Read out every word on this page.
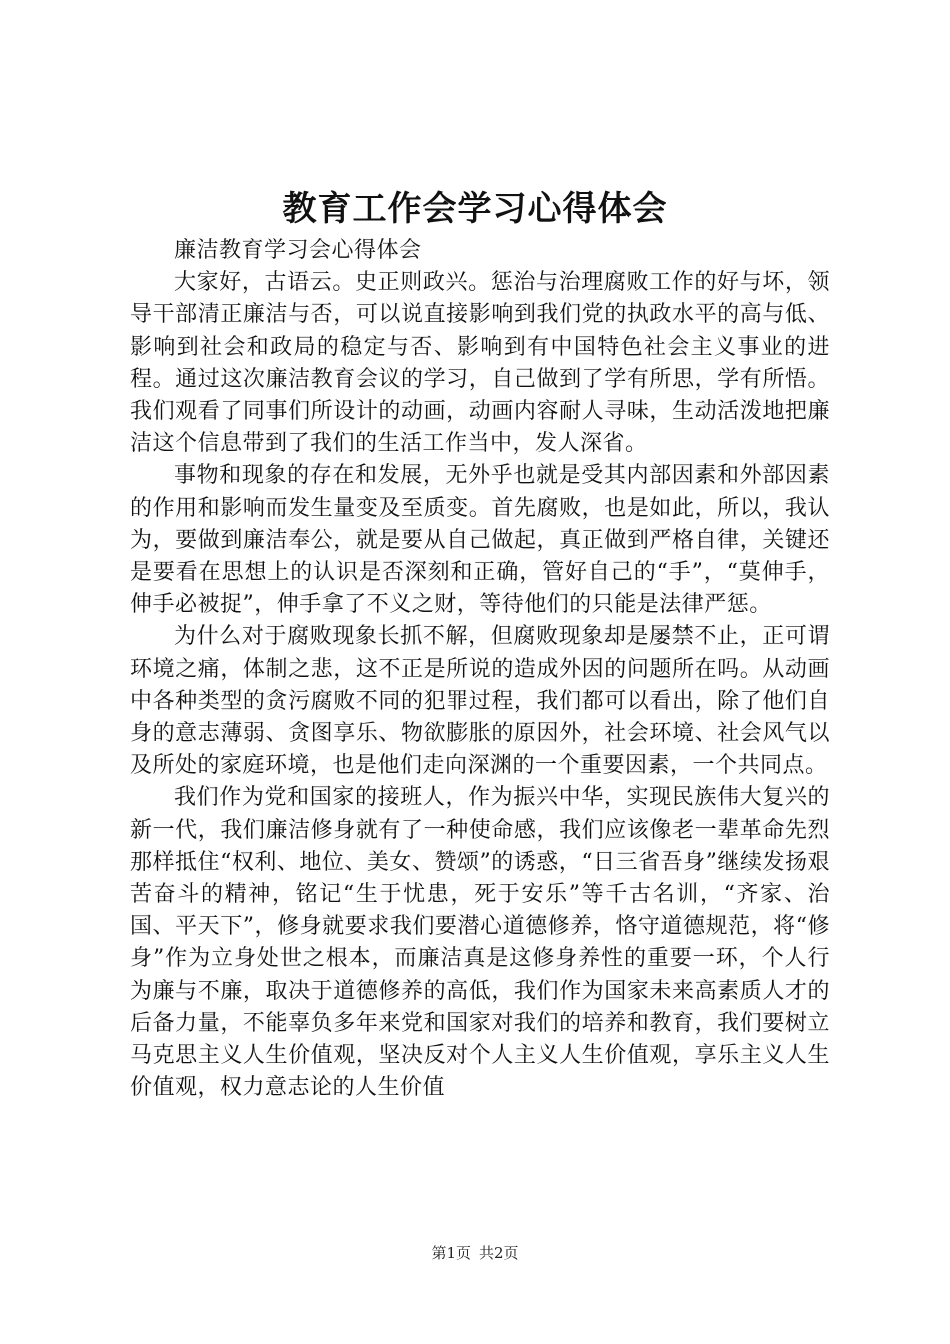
教育工作会学习心得体会

廉洁教育学习会心得体会

大家好，古语云。史正则政兴。惩治与治理腐败工作的好与坏，领导干部清正廉洁与否，可以说直接影响到我们党的执政水平的高与低、影响到社会和政局的稳定与否、影响到有中国特色社会主义事业的进程。通过这次廉洁教育会议的学习，自己做到了学有所思，学有所悟。我们观看了同事们所设计的动画，动画内容耐人寻味，生动活泼地把廉洁这个信息带到了我们的生活工作当中，发人深省。

事物和现象的存在和发展，无外乎也就是受其内部因素和外部因素的作用和影响而发生量变及至质变。首先腐败，也是如此，所以，我认为，要做到廉洁奉公，就是要从自己做起，真正做到严格自律，关键还是要看在思想上的认识是否深刻和正确，管好自己的“手”，“莫伸手，伸手必被捉”，伸手拿了不义之财，等待他们的只能是法律严惩。

为什么对于腐败现象长抓不解，但腐败现象却是屡禁不止，正可谓环境之痛，体制之悲，这不正是所说的造成外因的问题所在吗。从动画中各种类型的贪污腐败不同的犯罪过程，我们都可以看出，除了他们自身的意志薄弱、贪图享乐、物欲膨胀的原因外，社会环境、社会风气以及所处的家庭环境，也是他们走向深渊的一个重要因素，一个共同点。

我们作为党和国家的接班人，作为振兴中华，实现民族伟大复兴的新一代，我们廉洁修身就有了一种使命感，我们应该像老一辈革命先烈那样抵住“权利、地位、美女、赞颂”的诱惑，“日三省吾身”继续发扬艰苦奋斗的精神，铭记“生于忧患，死于安乐”等千古名训，“齐家、治国、平天下”，修身就要求我们要潜心道德修养，恪守道德规范，将“修身”作为立身处世之根本，而廉洁真是这修身养性的重要一环，个人行为廉与不廉，取决于道德修养的高低，我们作为国家未来高素质人才的后备力量，不能辜负多年来党和国家对我们的培养和教育，我们要树立马克思主义人生价值观，坚决反对个人主义人生价值观，享乐主义人生价值观，权力意志论的人生价值

第1页 共2页
